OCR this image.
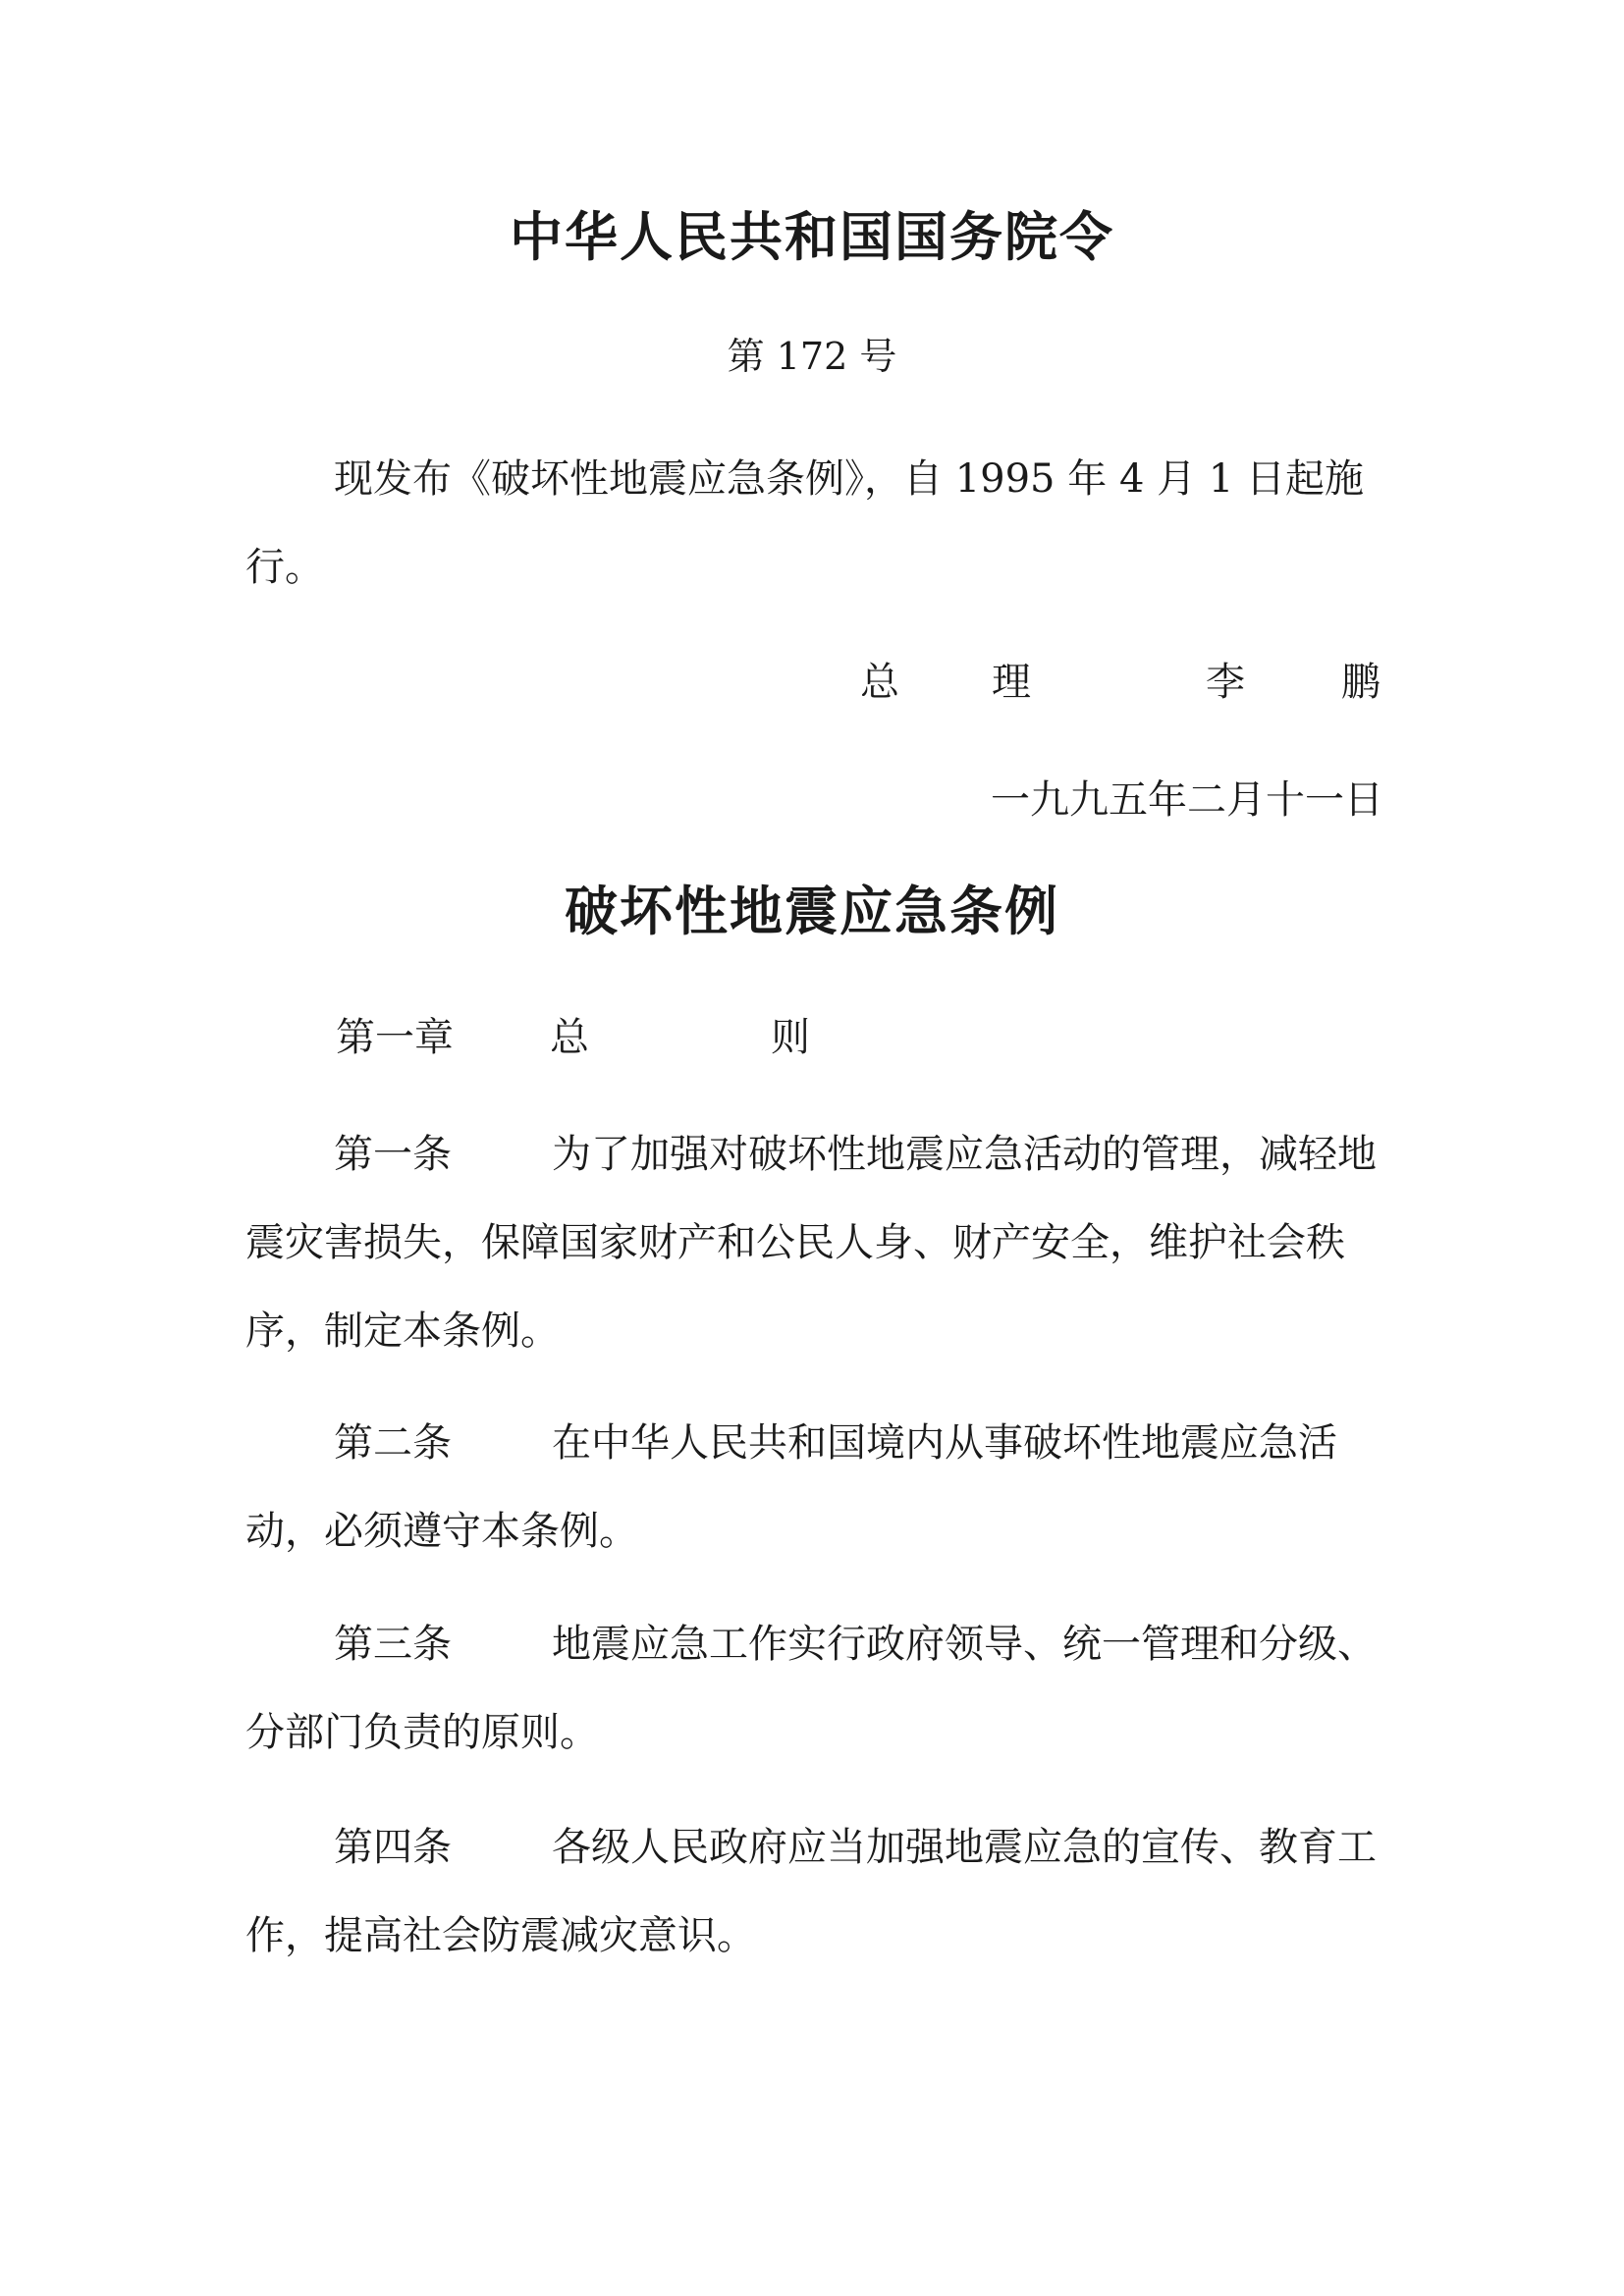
中华人民共和国国务院令
第 172 号

现发布《破坏性地震应急条例》，自 1995 年 4 月 1 日起施行。

总 理	李 鹏
一九九五年二月十一日
破坏性地震应急条例
第一章 总	则

第一条	为了加强对破坏性地震应急活动的管理，减轻地震灾害损失，保障国家财产和公民人身、财产安全，维护社会秩序，制定本条例。

第二条	在中华人民共和国境内从事破坏性地震应急活动，必须遵守本条例。

第三条	地震应急工作实行政府领导、统一管理和分级、分部门负责的原则。

第四条	各级人民政府应当加强地震应急的宣传、教育工作，提高社会防震减灾意识。
